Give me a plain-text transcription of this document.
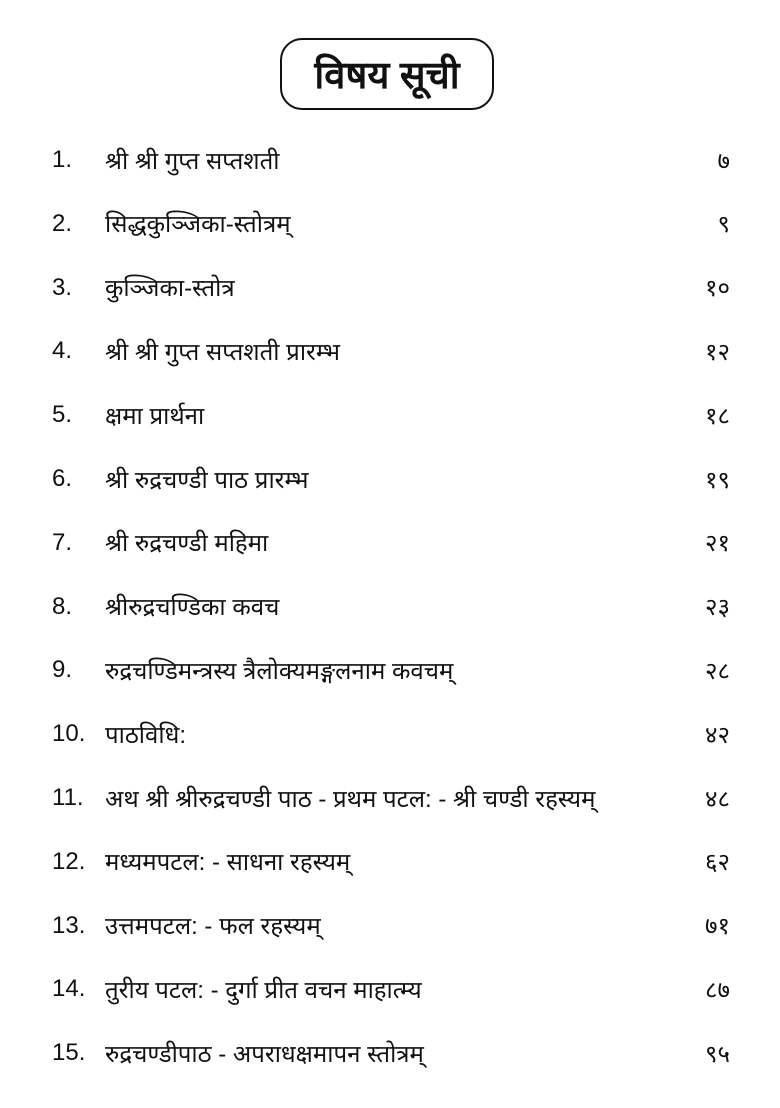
विषय सूची
1. श्री श्री गुप्त सप्तशती	७
2. सिद्धकुञ्जिका-स्तोत्रम्	९
3. कुञ्जिका-स्तोत्र	१०
4. श्री श्री गुप्त सप्तशती प्रारम्भ	१२
5. क्षमा प्रार्थना	१८
6. श्री रुद्रचण्डी पाठ प्रारम्भ	१९
7. श्री रुद्रचण्डी महिमा	२१
8. श्रीरुद्रचण्डिका कवच	२३
9. रुद्रचण्डिमन्त्रस्य त्रैलोक्यमङ्गलनाम कवचम्	२८
10. पाठविधि:	४२
11. अथ श्री श्रीरुद्रचण्डी पाठ - प्रथम पटल: - श्री चण्डी रहस्यम्	४८
12. मध्यमपटल: - साधना रहस्यम्	६२
13. उत्तमपटल: - फल रहस्यम्	७१
14. तुरीय पटल: - दुर्गा प्रीत वचन माहात्म्य	८७
15. रुद्रचण्डीपाठ - अपराधक्षमापन स्तोत्रम्	९५
